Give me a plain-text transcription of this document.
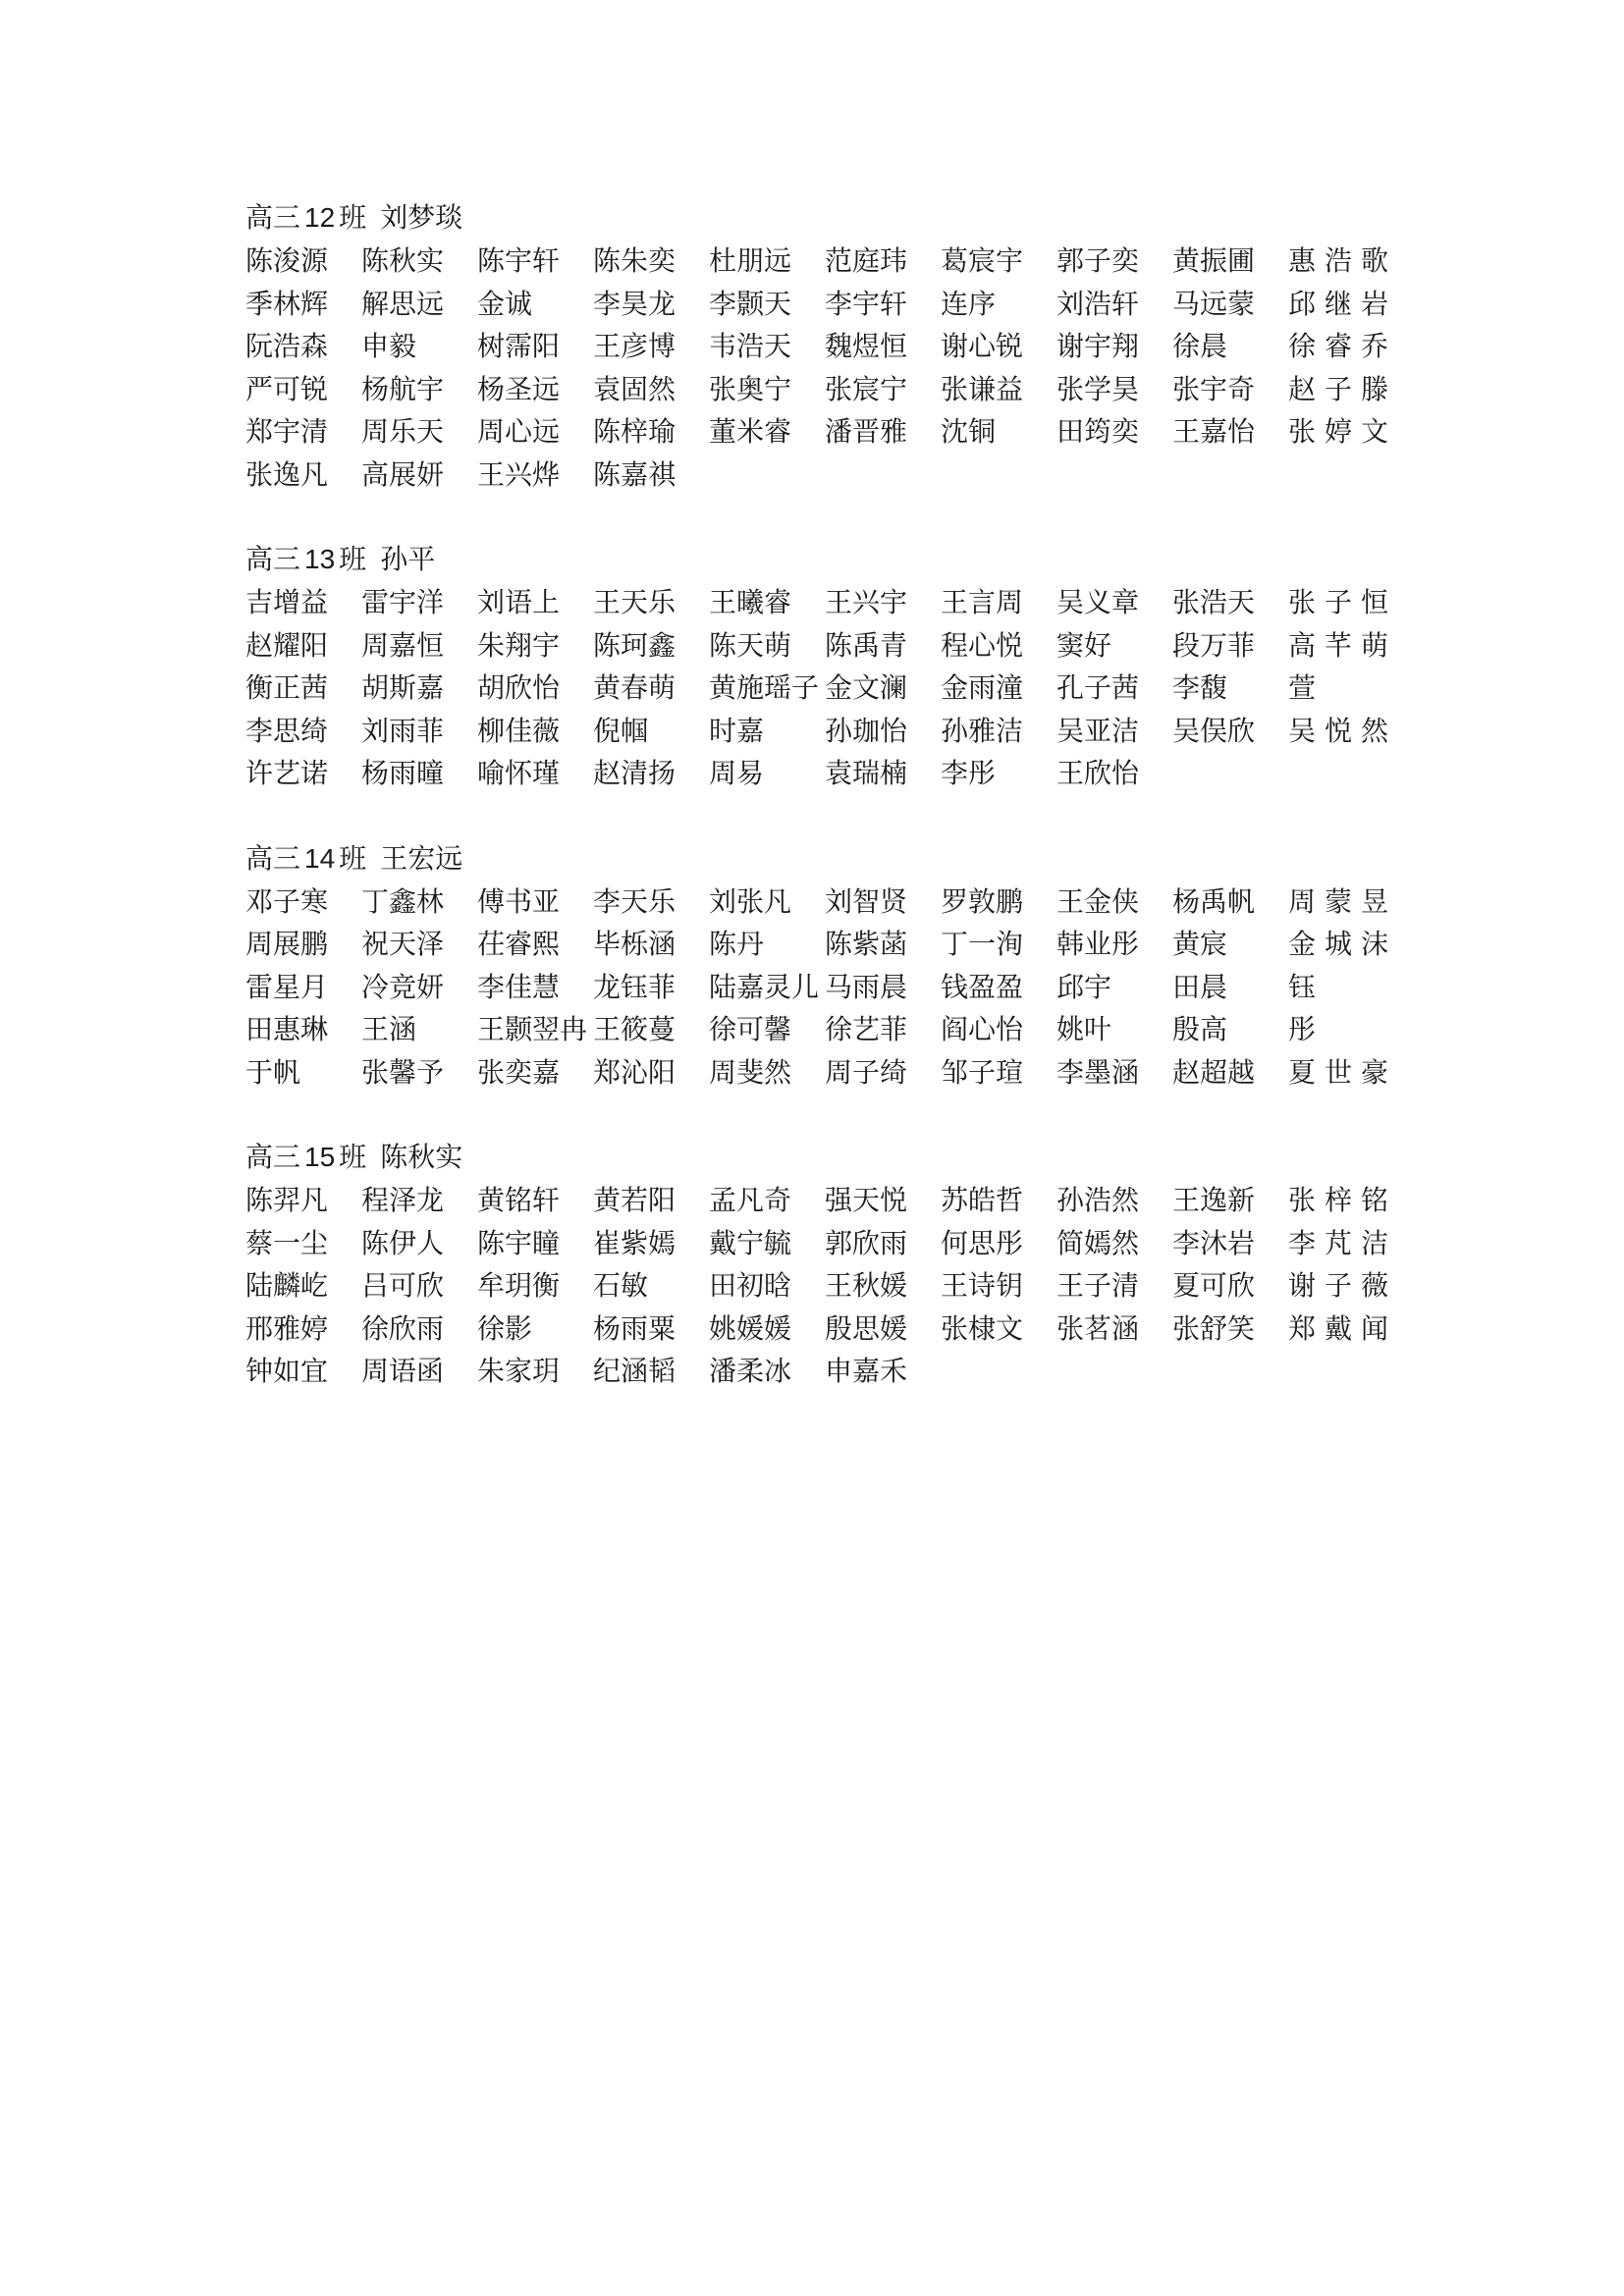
高三 12 班 刘梦琰
陈浚源	陈秋实	陈宇轩	陈朱奕	杜朋远	范庭玮	葛宸宇	郭子奕	黄振圃	惠浩歌
季林辉	解思远	金诚	李昊龙	李颢天	李宇轩	连序	刘浩轩	马远蒙	邱继岩
阮浩森	申毅	树霈阳	王彦博	韦浩天	魏煜恒	谢心锐	谢宇翔	徐晨	徐睿乔
严可锐	杨航宇	杨圣远	袁固然	张奥宁	张宸宁	张谦益	张学昊	张宇奇	赵子滕
郑宇清	周乐天	周心远	陈梓瑜	董米睿	潘晋雅	沈铜	田筠奕	王嘉怡	张婷文
张逸凡	高展妍	王兴烨	陈嘉祺
高三 13 班 孙平
吉增益	雷宇洋	刘语上	王天乐	王曦睿	王兴宇	王言周	吴义章	张浩天	张子恒
赵耀阳	周嘉恒	朱翔宇	陈珂鑫	陈天萌	陈禹青	程心悦	窦好	段万菲	高芊萌
衡正茜	胡斯嘉	胡欣怡	黄春萌	黄施瑶子 金文澜	金雨潼	孔子茜	李馥	萱
李思绮	刘雨菲	柳佳薇	倪帼	时嘉	孙珈怡	孙雅洁	吴亚洁	吴俣欣	吴悦然
许艺诺	杨雨曈	喻怀瑾	赵清扬	周易	袁瑞楠	李彤	王欣怡
高三 14 班 王宏远
邓子寒	丁鑫林	傅书亚	李天乐	刘张凡	刘智贤	罗敦鹏	王金侠	杨禹帆	周蒙昱
周展鹏	祝天泽	茌睿熙	毕栎涵	陈丹	陈紫菡	丁一洵	韩业彤	黄宸	金城沫
雷星月	冷竞妍	李佳慧	龙钰菲	陆嘉灵儿 马雨晨	钱盈盈	邱宇	田晨	钰
田惠琳	王涵	王颢翌冉 王筱蔓	徐可馨	徐艺菲	阎心怡	姚叶	殷高	彤
于帆	张馨予	张奕嘉	郑沁阳	周斐然	周子绮	邹子瑄	李墨涵	赵超越	夏世豪
高三 15 班 陈秋实
陈羿凡	程泽龙	黄铭轩	黄若阳	孟凡奇	强天悦	苏皓哲	孙浩然	王逸新	张梓铭
蔡一尘	陈伊人	陈宇瞳	崔紫嫣	戴宁毓	郭欣雨	何思彤	简嫣然	李沐岩	李芃洁
陆麟屹	吕可欣	牟玥衡	石敏	田初晗	王秋媛	王诗钥	王子清	夏可欣	谢子薇
邢雅婷	徐欣雨	徐影	杨雨粟	姚媛媛	殷思媛	张棣文	张茗涵	张舒笑	郑戴闻
钟如宜	周语函	朱家玥	纪涵韬	潘柔冰	申嘉禾
